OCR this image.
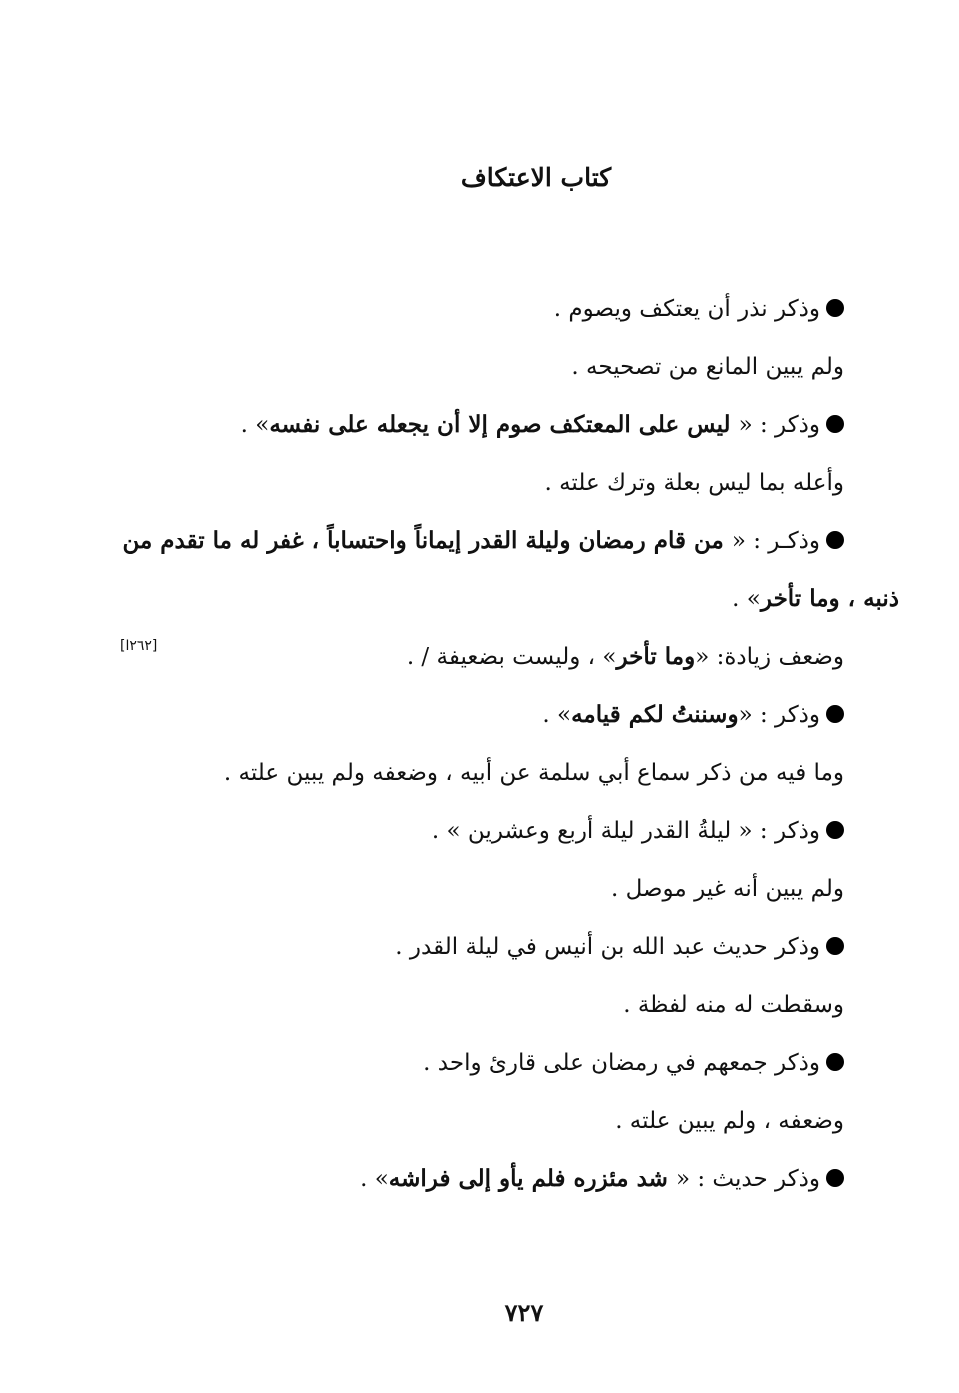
كتاب الاعتكاف

وذكر نذر أن يعتكف ويصوم .

ولم يبين المانع من تصحيحه .

وذكر : « ليس على المعتكف صوم إلا أن يجعله على نفسه» .

وأعله بما ليس بعلة وترك علته .

وذكـر : « من قام رمضان وليلة القدر إيماناً واحتساباً ، غفر له ما تقدم من

ذنبه ، وما تأخر» .

وضعف زيادة: «وما تأخر» ، وليست بضعيفة / .

وذكر : «وسننتُ لكم قيامه» .

وما فيه من ذكر سماع أبي سلمة عن أبيه ، وضعفه ولم يبين علته .

وذكر : « ليلةُ القدر ليلة أربع وعشرين » .

ولم يبين أنه غير موصل .

وذكر حديث عبد الله بن أنيس في ليلة القدر .

وسقطت له منه لفظة .

وذكر جمعهم في رمضان على قارئ واحد .

وضعفه ، ولم يبين علته .

وذكر حديث : « شد مئزره فلم يأو إلى فراشه» .

[٢٦٢ا]
٧٢٧
